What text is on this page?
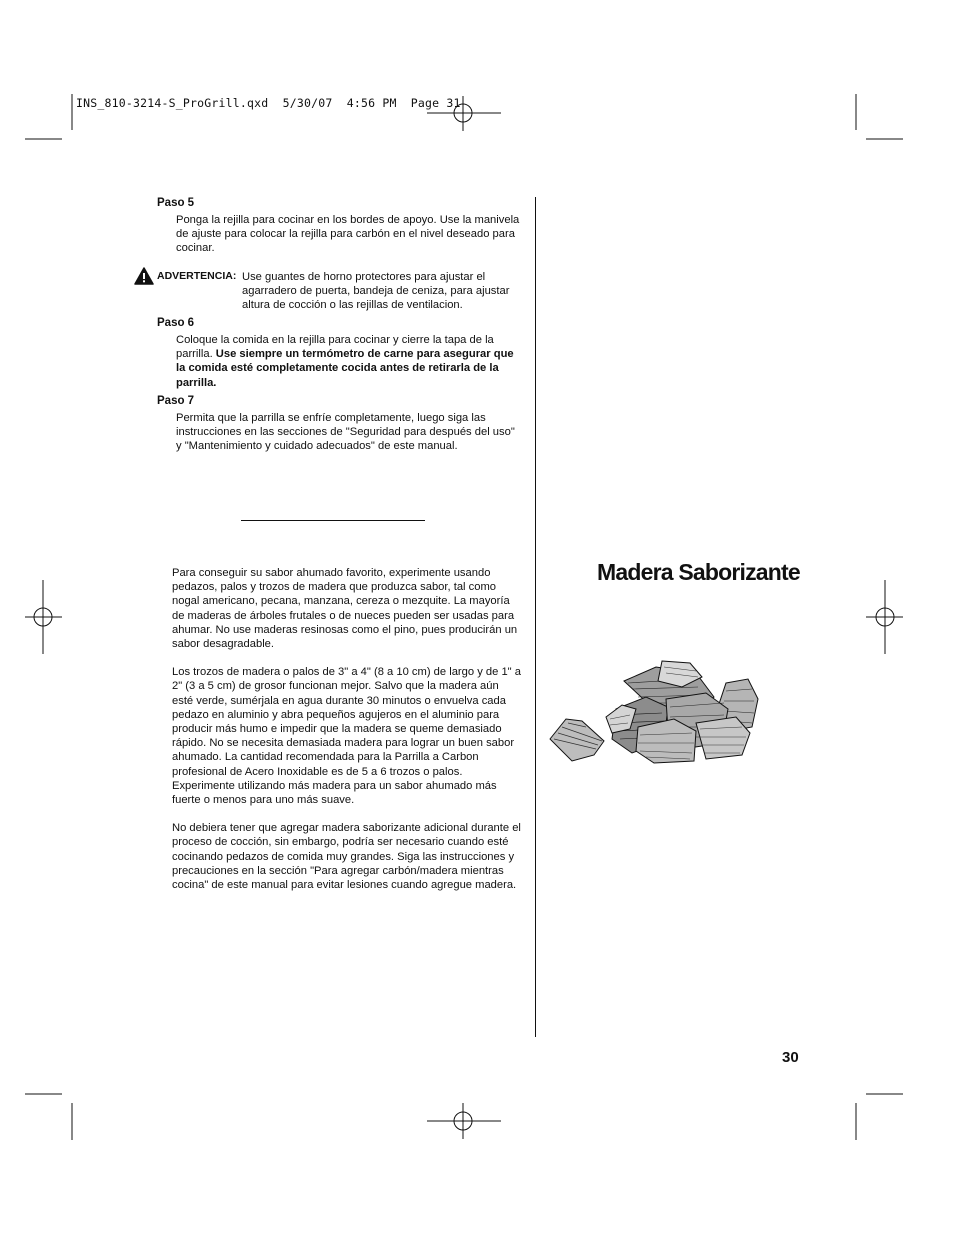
INS_810-3214-S_ProGrill.qxd  5/30/07  4:56 PM  Page 31
Paso 5
Ponga la rejilla para cocinar en los bordes de apoyo. Use la manivela de ajuste para colocar la rejilla para carbón en el nivel deseado para cocinar.
ADVERTENCIA: Use guantes de horno protectores para ajustar el agarradero de puerta, bandeja de ceniza, para ajustar altura de cocción o las rejillas de ventilacion.
Paso 6
Coloque la comida en la rejilla para cocinar y cierre la tapa de la parrilla. Use siempre un termómetro de carne para asegurar que la comida esté completamente cocida antes de retirarla de la parrilla.
Paso 7
Permita que la parrilla se enfríe completamente, luego siga las instrucciones en las secciones de "Seguridad para después del uso" y "Mantenimiento y cuidado adecuados" de este manual.

Para conseguir su sabor ahumado favorito, experimente usando pedazos, palos y trozos de madera que produzca sabor, tal como nogal americano, pecana, manzana, cereza o mezquite. La mayoría de maderas de árboles frutales o de nueces pueden ser usadas para ahumar. No use maderas resinosas como el pino, pues producirán un sabor desagradable.

Los trozos de madera o palos de 3" a 4" (8 a 10 cm) de largo y de 1" a 2" (3 a 5 cm) de grosor funcionan mejor. Salvo que la madera aún esté verde, sumérjala en agua durante 30 minutos o envuelva cada pedazo en aluminio y abra pequeños agujeros en el aluminio para producir más humo e impedir que la madera se queme demasiado rápido. No se necesita demasiada madera para lograr un buen sabor ahumado. La cantidad recomendada para la Parrilla a Carbon profesional de Acero Inoxidable es de 5 a 6 trozos o palos. Experimente utilizando más madera para un sabor ahumado más fuerte o menos para uno más suave.

No debiera tener que agregar madera saborizante adicional durante el proceso de cocción, sin embargo, podría ser necesario cuando esté cocinando pedazos de comida muy grandes. Siga las instrucciones y precauciones en la sección "Para agregar carbón/madera mientras cocina" de este manual para evitar lesiones cuando agregue madera.

Madera Saborizante
30
